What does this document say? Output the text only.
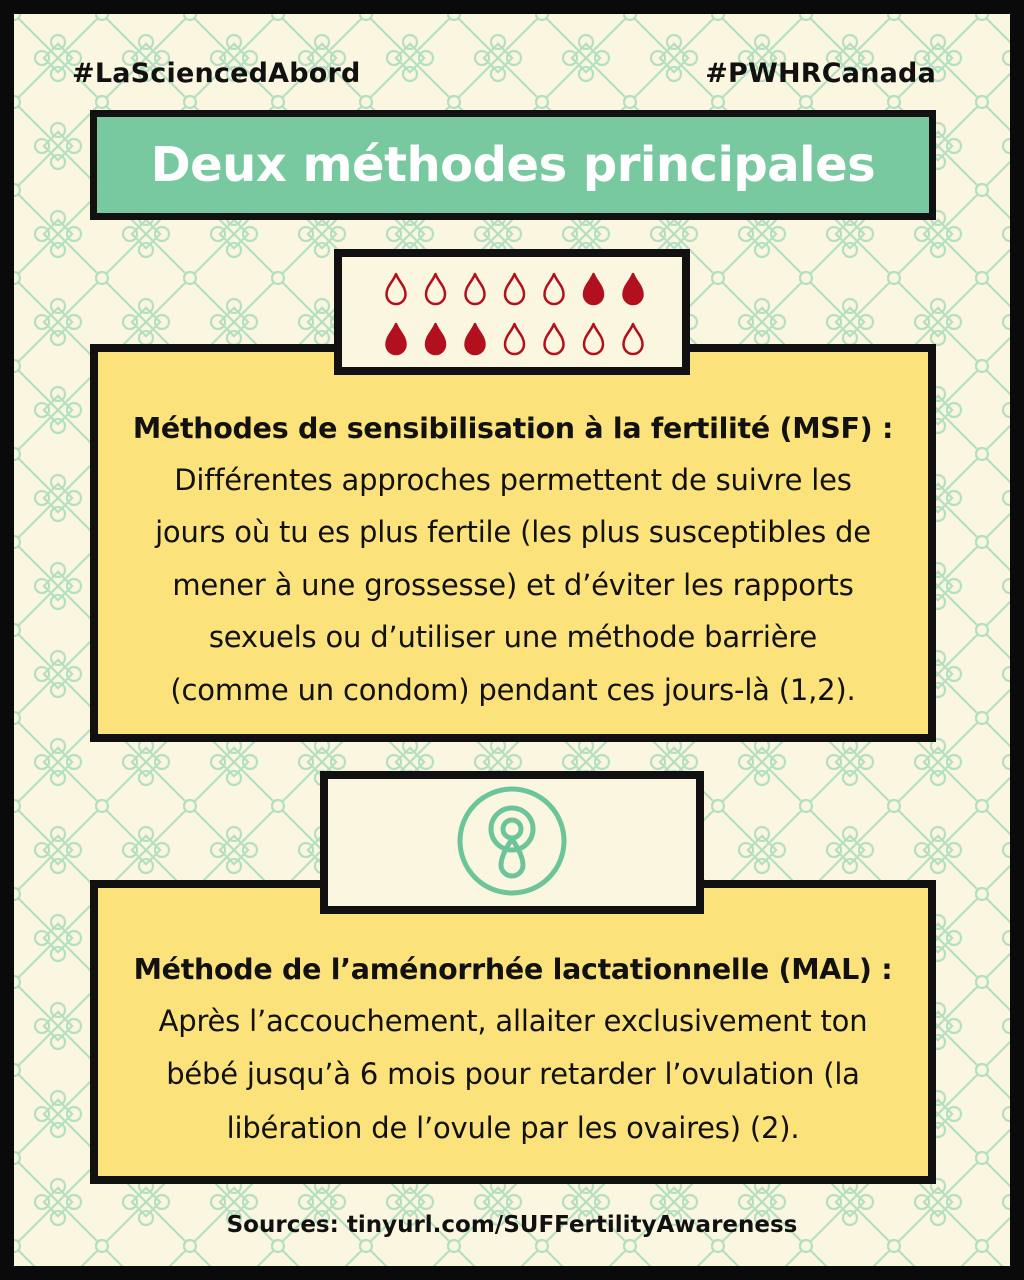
#LaSciencedAbord	#PWHRCanada
Deux méthodes principales
Méthodes de sensibilisation à la fertilité (MSF) :
Différentes approches permettent de suivre les
jours où tu es plus fertile (les plus susceptibles de
mener à une grossesse) et d’éviter les rapports
sexuels ou d’utiliser une méthode barrière
(comme un condom) pendant ces jours-là (1,2).
Méthode de l’aménorrhée lactationnelle (MAL) :
Après l’accouchement, allaiter exclusivement ton
bébé jusqu’à 6 mois pour retarder l’ovulation (la
libération de l’ovule par les ovaires) (2).
Sources: tinyurl.com/SUFFertilityAwareness
